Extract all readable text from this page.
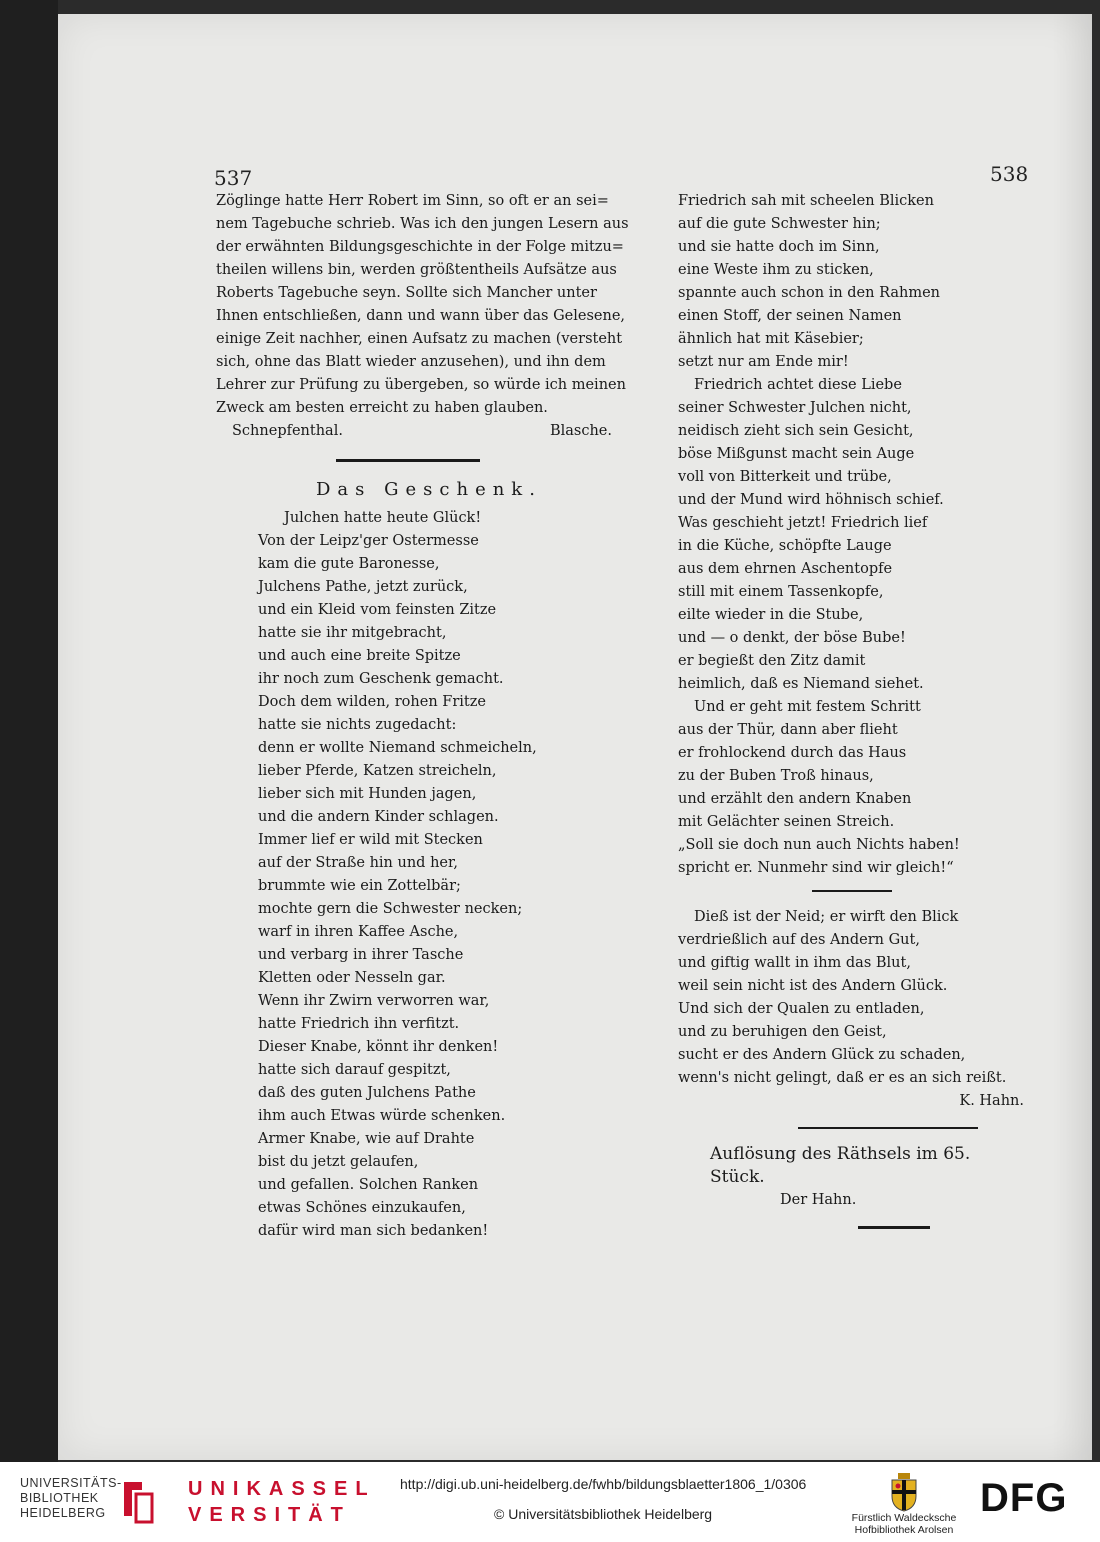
537	538

Zöglinge hatte Herr Robert im Sinn, so oft er an sei=

nem Tagebuche schrieb. Was ich den jungen Lesern aus

der erwähnten Bildungsgeschichte in der Folge mitzu=

theilen willens bin, werden größtentheils Aufsätze aus

Roberts Tagebuche seyn. Sollte sich Mancher unter

Ihnen entschließen, dann und wann über das Gelesene,

einige Zeit nachher, einen Aufsatz zu machen (versteht

sich, ohne das Blatt wieder anzusehen), und ihn dem

Lehrer zur Prüfung zu übergeben, so würde ich meinen

Zweck am besten erreicht zu haben glauben.

Schnepfenthal.	Blasche.
Das Geschenk.

Julchen hatte heute Glück!

Von der Leipz'ger Ostermesse

kam die gute Baronesse,

Julchens Pathe, jetzt zurück,

und ein Kleid vom feinsten Zitze

hatte sie ihr mitgebracht,

und auch eine breite Spitze

ihr noch zum Geschenk gemacht.

Doch dem wilden, rohen Fritze

hatte sie nichts zugedacht:

denn er wollte Niemand schmeicheln,

lieber Pferde, Katzen streicheln,

lieber sich mit Hunden jagen,

und die andern Kinder schlagen.

Immer lief er wild mit Stecken

auf der Straße hin und her,

brummte wie ein Zottelbär;

mochte gern die Schwester necken;

warf in ihren Kaffee Asche,

und verbarg in ihrer Tasche

Kletten oder Nesseln gar.

Wenn ihr Zwirn verworren war,

hatte Friedrich ihn verfitzt.

Dieser Knabe, könnt ihr denken!

hatte sich darauf gespitzt,

daß des guten Julchens Pathe

ihm auch Etwas würde schenken.

Armer Knabe, wie auf Drahte

bist du jetzt gelaufen,

und gefallen. Solchen Ranken

etwas Schönes einzukaufen,

dafür wird man sich bedanken!

Friedrich sah mit scheelen Blicken

auf die gute Schwester hin;

und sie hatte doch im Sinn,

eine Weste ihm zu sticken,

spannte auch schon in den Rahmen

einen Stoff, der seinen Namen

ähnlich hat mit Käsebier;

setzt nur am Ende mir!

Friedrich achtet diese Liebe

seiner Schwester Julchen nicht,

neidisch zieht sich sein Gesicht,

böse Mißgunst macht sein Auge

voll von Bitterkeit und trübe,

und der Mund wird höhnisch schief.

Was geschieht jetzt! Friedrich lief

in die Küche, schöpfte Lauge

aus dem ehrnen Aschentopfe

still mit einem Tassenkopfe,

eilte wieder in die Stube,

und — o denkt, der böse Bube!

er begießt den Zitz damit

heimlich, daß es Niemand siehet.

Und er geht mit festem Schritt

aus der Thür, dann aber flieht

er frohlockend durch das Haus

zu der Buben Troß hinaus,

und erzählt den andern Knaben

mit Gelächter seinen Streich.

„Soll sie doch nun auch Nichts haben!

spricht er. Nunmehr sind wir gleich!“

Dieß ist der Neid; er wirft den Blick

verdrießlich auf des Andern Gut,

und giftig wallt in ihm das Blut,

weil sein nicht ist des Andern Glück.

Und sich der Qualen zu entladen,

und zu beruhigen den Geist,

sucht er des Andern Glück zu schaden,

wenn's nicht gelingt, daß er es an sich reißt.

K. Hahn.
Auflösung des Räthsels im 65. Stück.
Der Hahn.
UNIVERSITÄTS-
BIBLIOTHEK
HEIDELBERG
UNIKASSEL
VERSITÄT
http://digi.ub.uni-heidelberg.de/fwhb/bildungsblaetter1806_1/0306
© Universitätsbibliothek Heidelberg	Fürstlich Waldecksche
Hofbibliothek Arolsen
DFG
